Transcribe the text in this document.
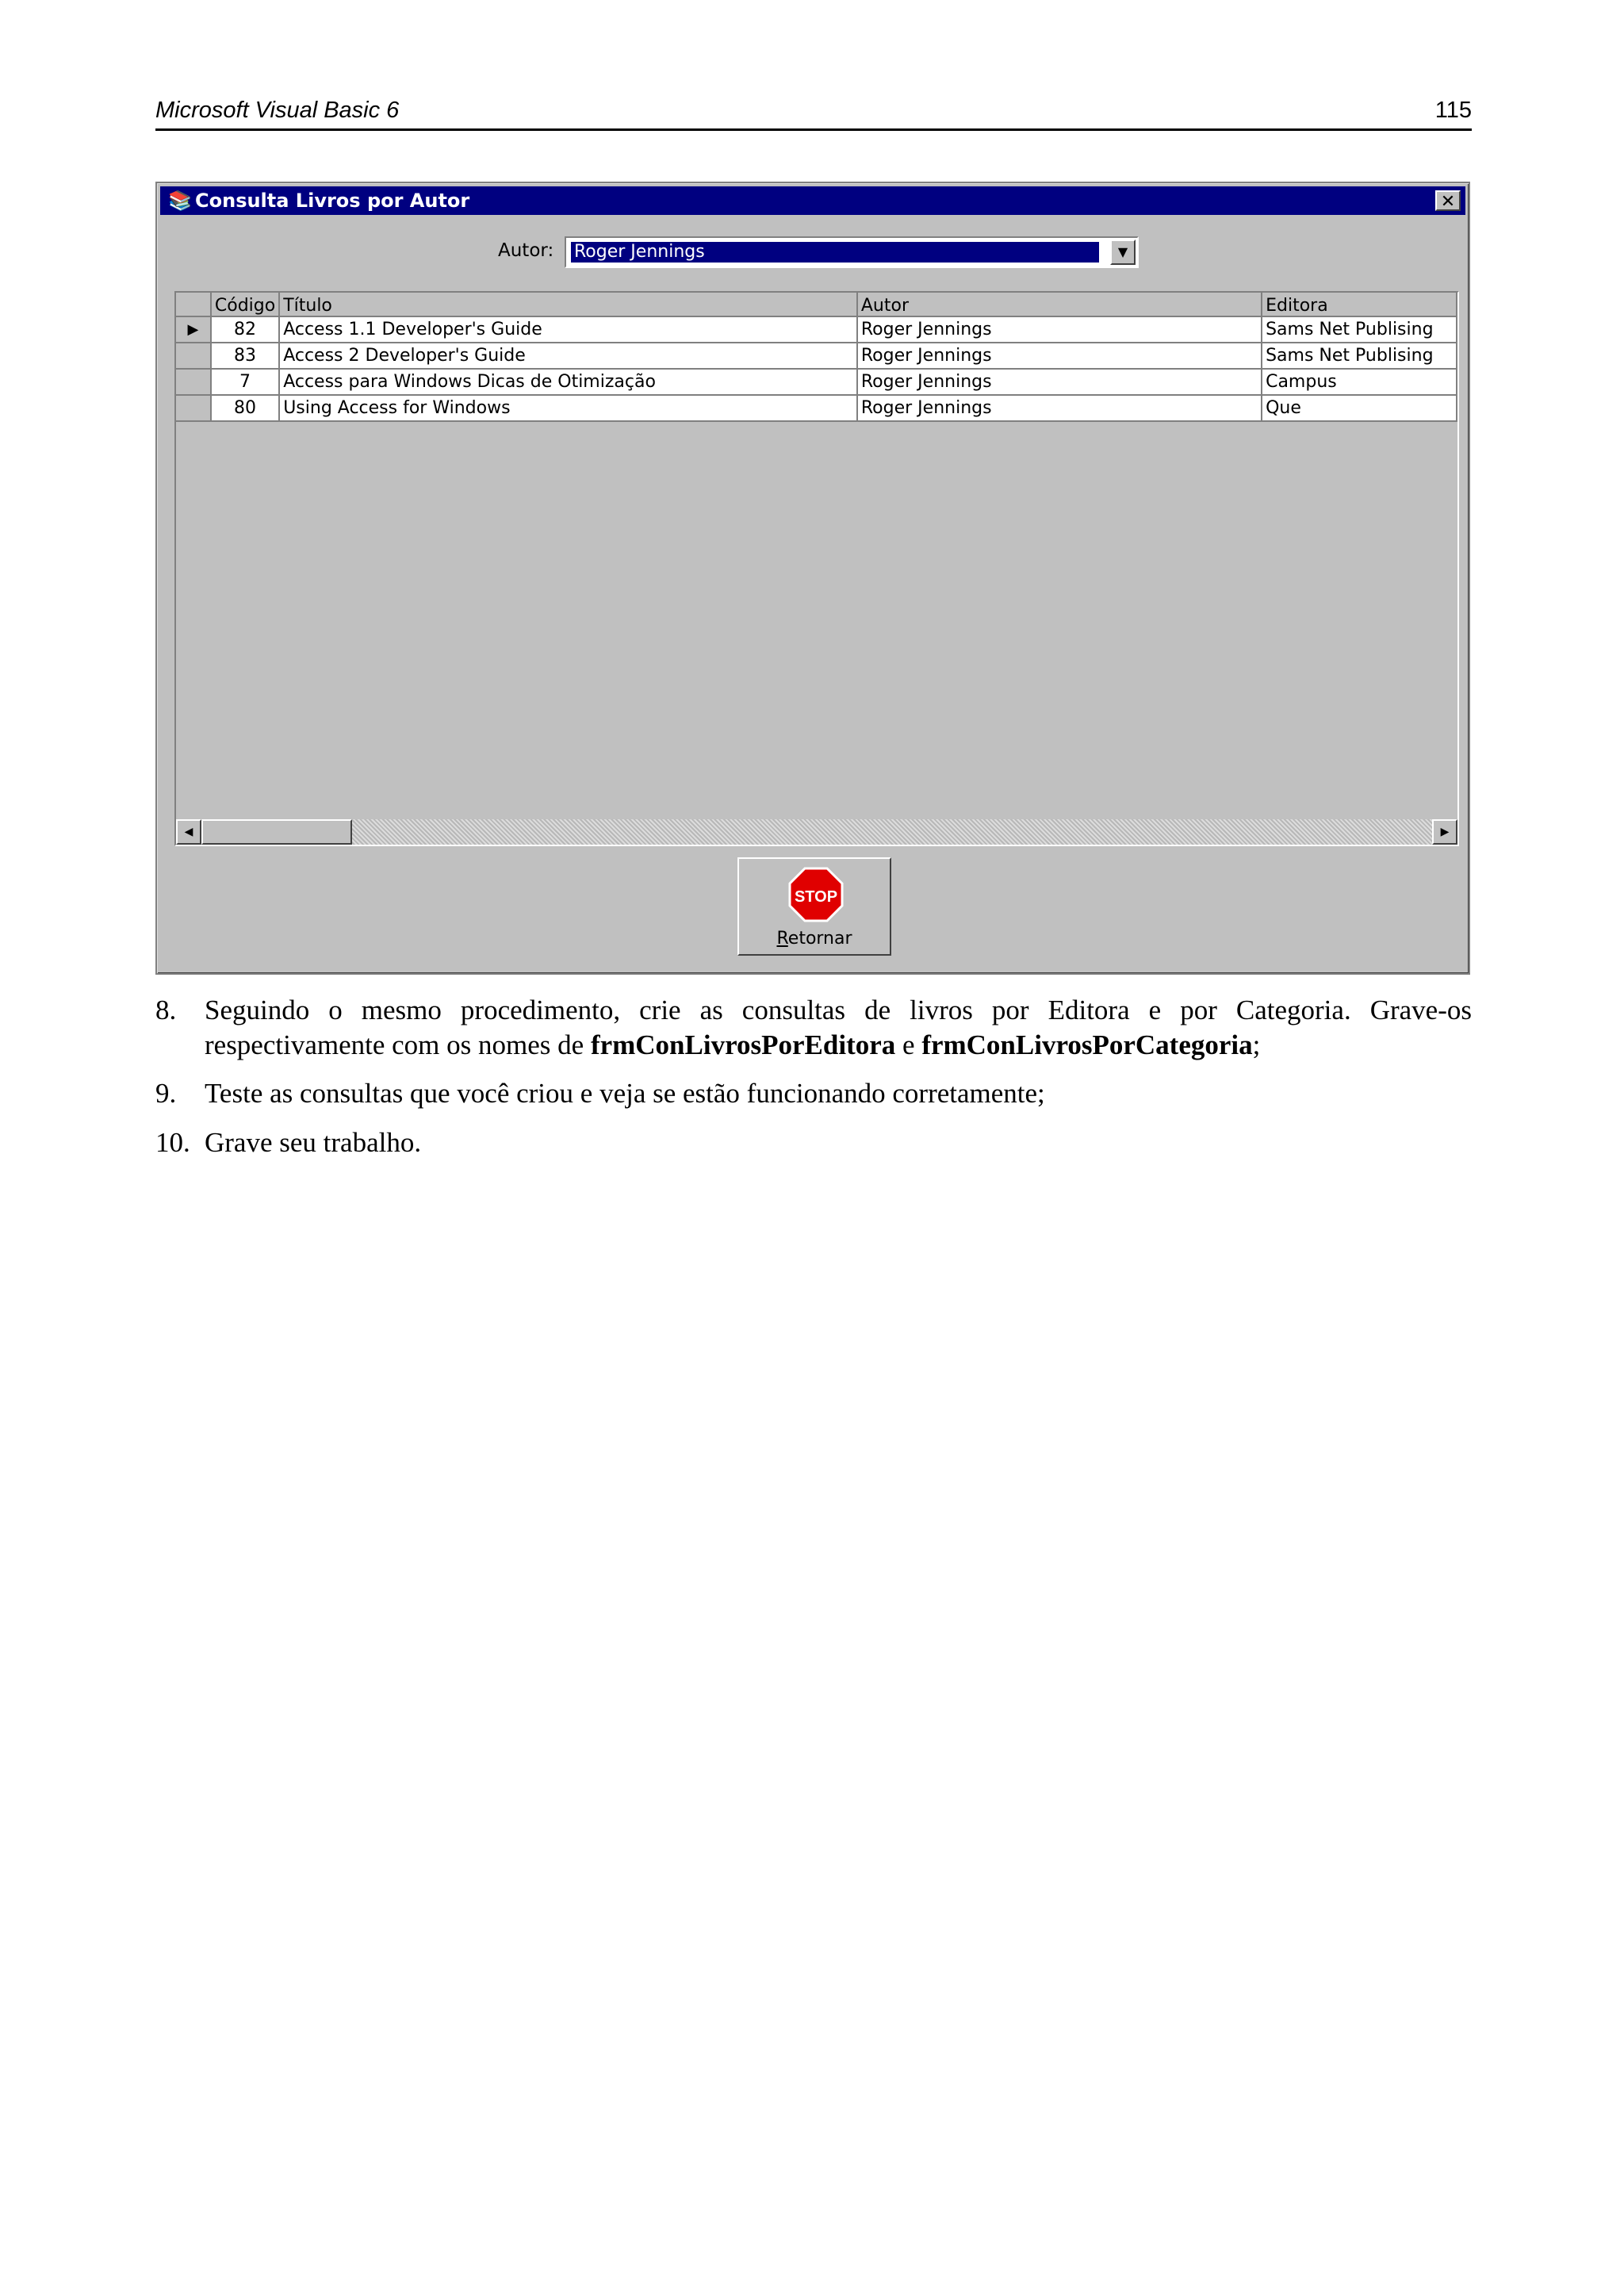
Microsoft Visual Basic 6	115
📚 Consulta Livros por Autor	✕
Autor: Roger Jennings	▼
	Código	Título	Autor	Editora
▶	82	Access 1.1 Developer's Guide	Roger Jennings	Sams Net Publising
	83	Access 2 Developer's Guide	Roger Jennings	Sams Net Publising
	7	Access para Windows Dicas de Otimização	Roger Jennings	Campus
	80	Using Access for Windows	Roger Jennings	Que
◀	▶
STOP
Retornar
8. Seguindo o mesmo procedimento, crie as consultas de livros por Editora e por Categoria. Grave-os respectivamente com os nomes de frmConLivrosPorEditora e frmConLivrosPorCategoria;
9. Teste as consultas que você criou e veja se estão funcionando corretamente;
10. Grave seu trabalho.
